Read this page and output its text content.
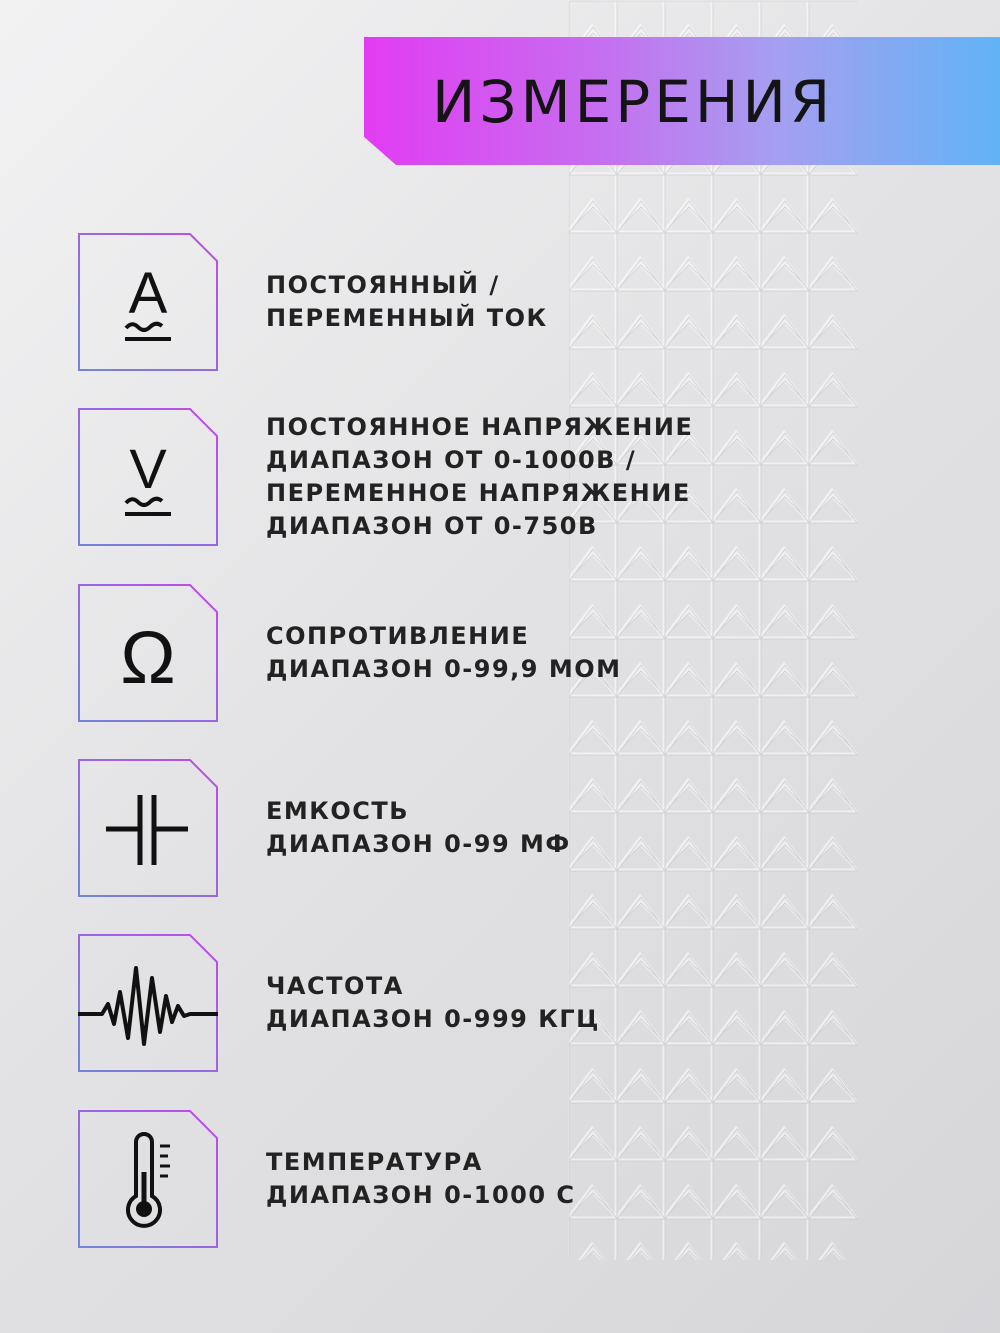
ИЗМЕРЕНИЯ
A	ПОСТОЯННЫЙ /
ПЕРЕМЕННЫЙ ТОК
V
ПОСТОЯННОЕ НАПРЯЖЕНИЕ
ДИАПАЗОН ОТ 0-1000В /
ПЕРЕМЕННОЕ НАПРЯЖЕНИЕ
ДИАПАЗОН ОТ 0-750В
Ω	СОПРОТИВЛЕНИЕ
ДИАПАЗОН 0-99,9 МОМ
ЕМКОСТЬ
ДИАПАЗОН 0-99 МФ
ЧАСТОТА
ДИАПАЗОН 0-999 КГЦ
ТЕМПЕРАТУРА
ДИАПАЗОН 0-1000 С
